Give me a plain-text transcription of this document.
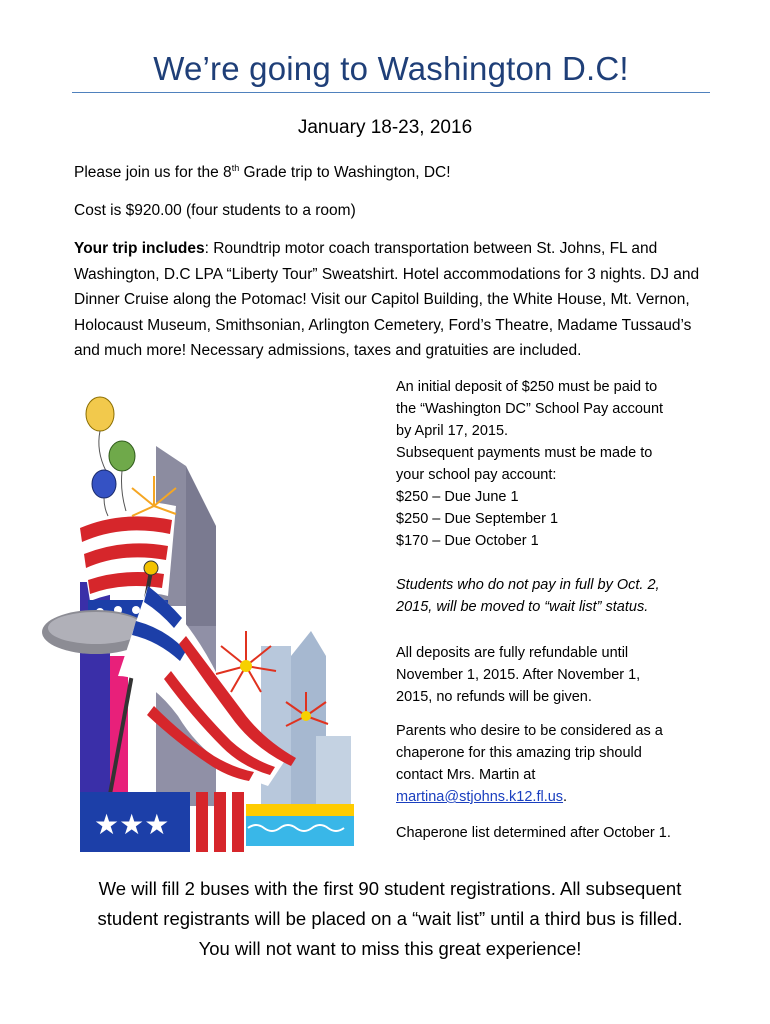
We’re going to Washington D.C!
January 18-23, 2016
Please join us for the 8th Grade trip to Washington, DC!
Cost is $920.00 (four students to a room)
Your trip includes: Roundtrip motor coach transportation between St. Johns, FL and Washington, D.C LPA “Liberty Tour” Sweatshirt. Hotel accommodations for 3 nights. DJ and Dinner Cruise along the Potomac! Visit our Capitol Building, the White House, Mt. Vernon, Holocaust Museum, Smithsonian, Arlington Cemetery, Ford’s Theatre, Madame Tussaud’s and much more! Necessary admissions, taxes and gratuities are included.
An initial deposit of $250 must be paid to
the “Washington DC” School Pay account
by April 17, 2015.
Subsequent payments must be made to
your school pay account:
$250 – Due June 1
$250 – Due September 1
$170 – Due October 1
Students who do not pay in full by Oct. 2,
2015, will be moved to “wait list” status.
All deposits are fully refundable until
November 1, 2015. After November 1,
2015, no refunds will be given.
Parents who desire to be considered as a
chaperone for this amazing trip should
contact Mrs. Martin at
martina@stjohns.k12.fl.us.
Chaperone list determined after October 1.
We will fill 2 buses with the first 90 student registrations. All subsequent
student registrants will be placed on a “wait list” until a third bus is filled.
You will not want to miss this great experience!
★★★
